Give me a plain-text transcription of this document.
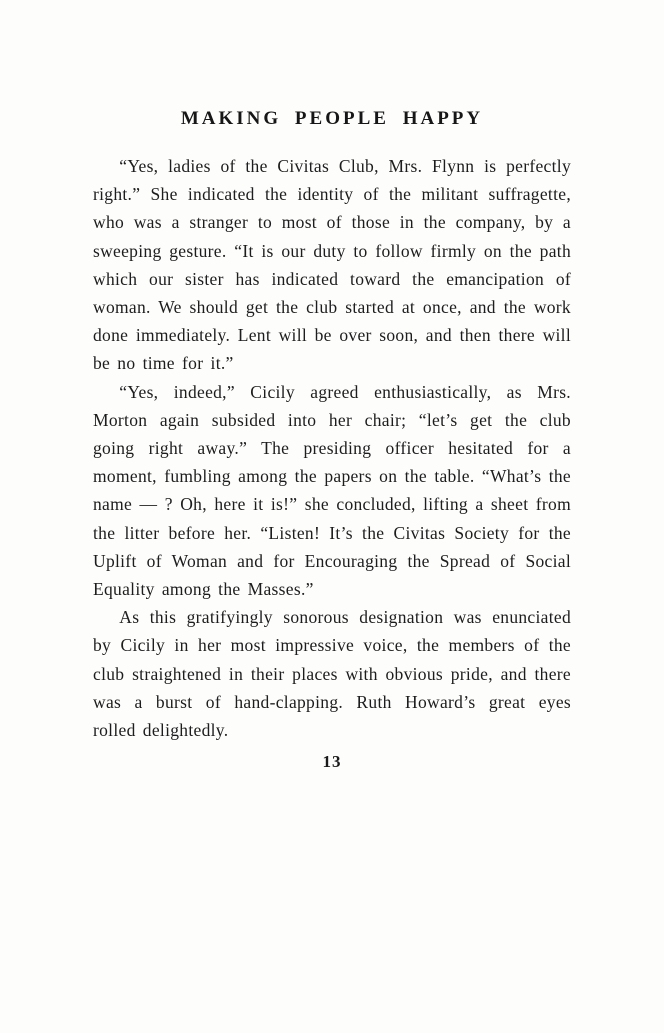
MAKING PEOPLE HAPPY

“Yes, ladies of the Civitas Club, Mrs. Flynn is perfectly right.” She indicated the identity of the militant suffragette, who was a stranger to most of those in the company, by a sweeping gesture. “It is our duty to follow firmly on the path which our sister has indicated toward the emancipation of woman. We should get the club started at once, and the work done immediately. Lent will be over soon, and then there will be no time for it.”

“Yes, indeed,” Cicily agreed enthusiastically, as Mrs. Morton again subsided into her chair; “let’s get the club going right away.” The presiding officer hesitated for a moment, fumbling among the papers on the table. “What’s the name — ? Oh, here it is!” she concluded, lifting a sheet from the litter before her. “Listen! It’s the Civitas Society for the Uplift of Woman and for Encouraging the Spread of Social Equality among the Masses.”

As this gratifyingly sonorous designation was enunciated by Cicily in her most impressive voice, the members of the club straightened in their places with obvious pride, and there was a burst of hand-clapping. Ruth Howard’s great eyes rolled delightedly.

13
